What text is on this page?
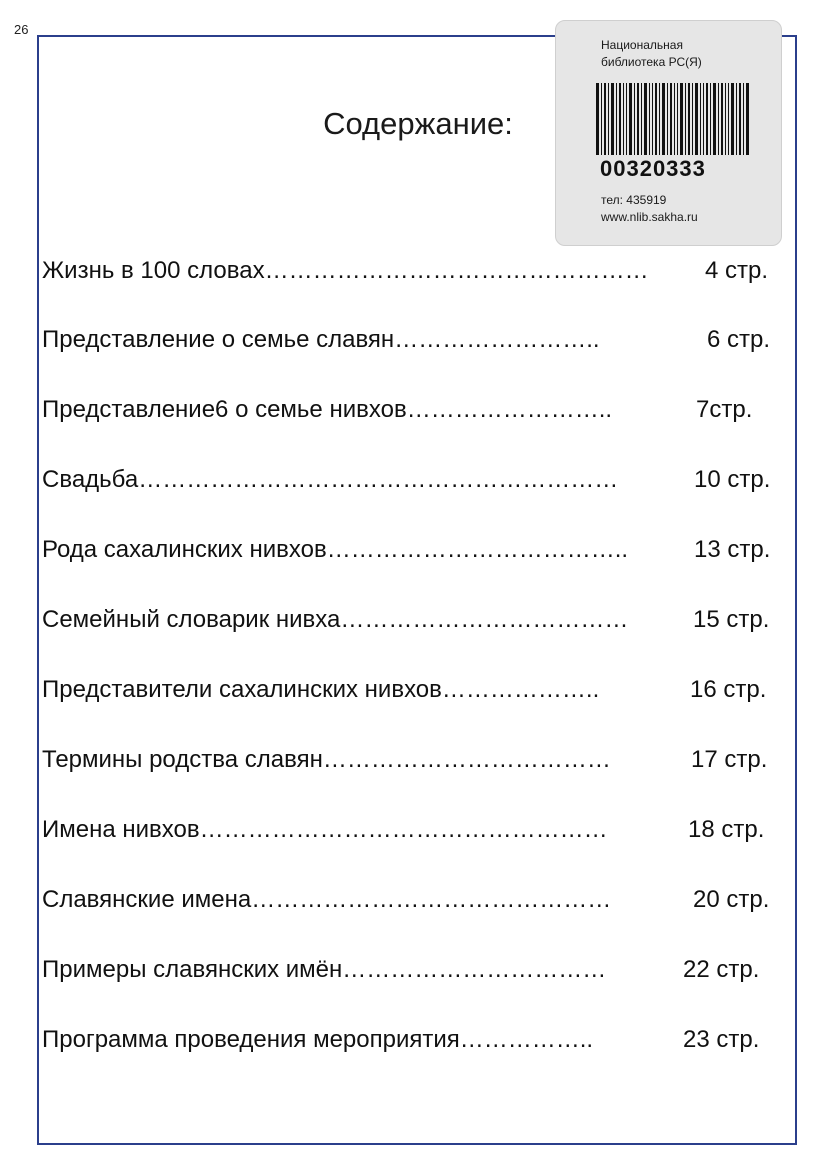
26
Содержание:
Национальная
библиотека РС(Я)
00320333
тел: 435919
www.nlib.sakha.ru
Жизнь в 100 словах………………………………………… 4 стр.
Представление о семье славян……………………..	6 стр.
Представление6 о семье нивхов……………………..	7стр.
Свадьба……………………………………………………	10 стр.
Рода сахалинских нивхов………………………………..	13 стр.
Семейный словарик нивха………………………………	15 стр.
Представители сахалинских нивхов………………..	16 стр.
Термины родства славян………………………………	17 стр.
Имена нивхов……………………………………………	18 стр.
Славянские имена………………………………………	20 стр.
Примеры славянских имён……………………………	22 стр.
Программа проведения мероприятия……………..	23 стр.
